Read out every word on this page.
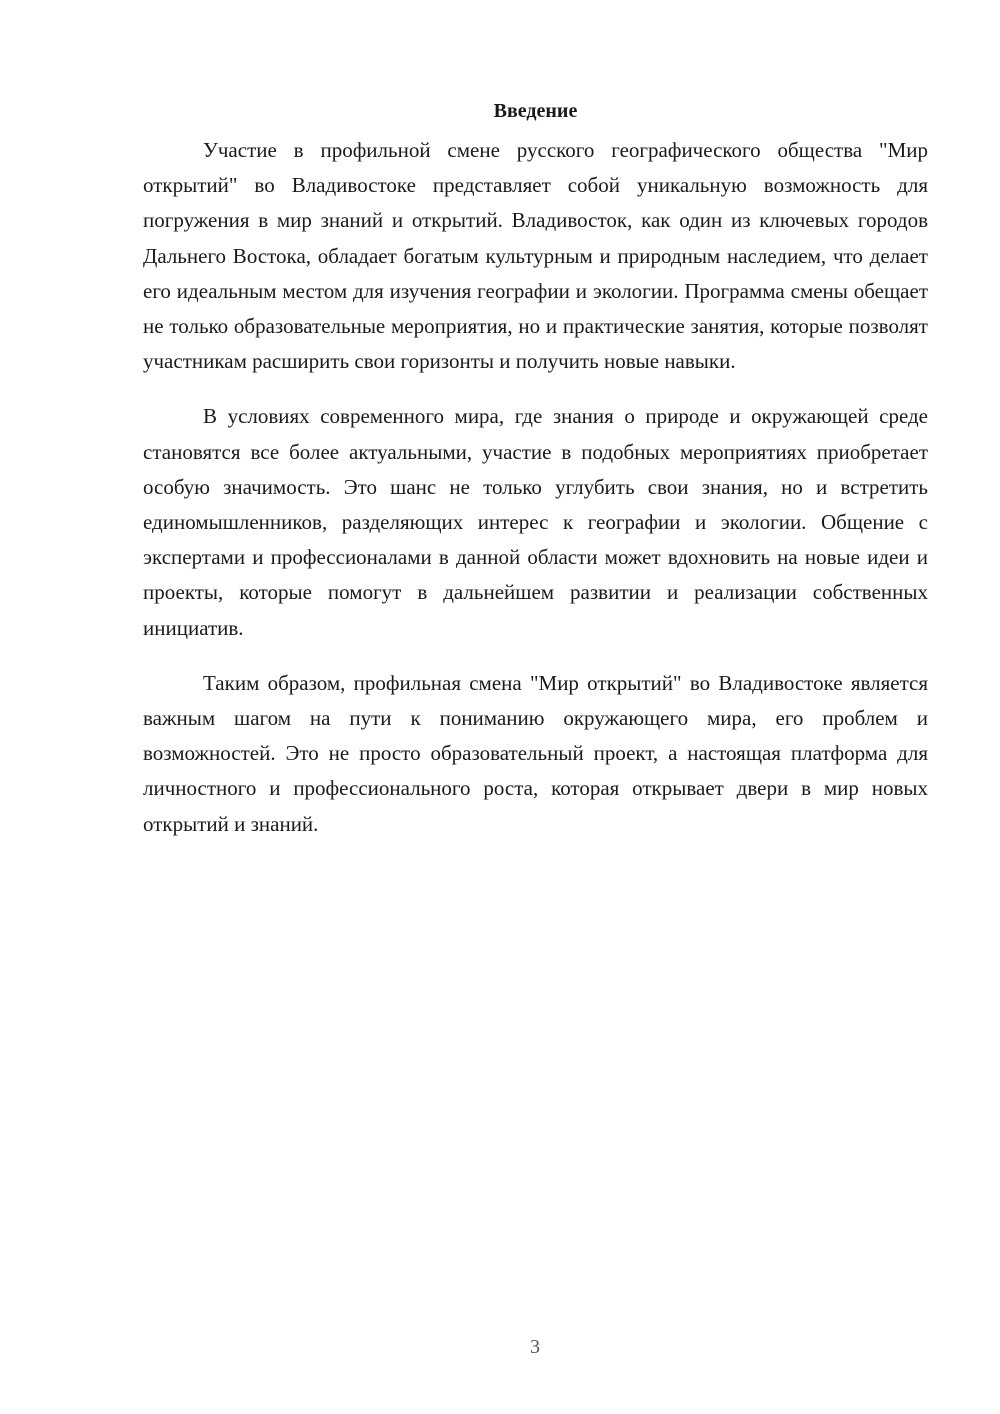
Введение

Участие в профильной смене русского географического общества "Мир открытий" во Владивостоке представляет собой уникальную возможность для погружения в мир знаний и открытий. Владивосток, как один из ключевых городов Дальнего Востока, обладает богатым культурным и природным наследием, что делает его идеальным местом для изучения географии и экологии. Программа смены обещает не только образовательные мероприятия, но и практические занятия, которые позволят участникам расширить свои горизонты и получить новые навыки.

В условиях современного мира, где знания о природе и окружающей среде становятся все более актуальными, участие в подобных мероприятиях приобретает особую значимость. Это шанс не только углубить свои знания, но и встретить единомышленников, разделяющих интерес к географии и экологии. Общение с экспертами и профессионалами в данной области может вдохновить на новые идеи и проекты, которые помогут в дальнейшем развитии и реализации собственных инициатив.

Таким образом, профильная смена "Мир открытий" во Владивостоке является важным шагом на пути к пониманию окружающего мира, его проблем и возможностей. Это не просто образовательный проект, а настоящая платформа для личностного и профессионального роста, которая открывает двери в мир новых открытий и знаний.

3
